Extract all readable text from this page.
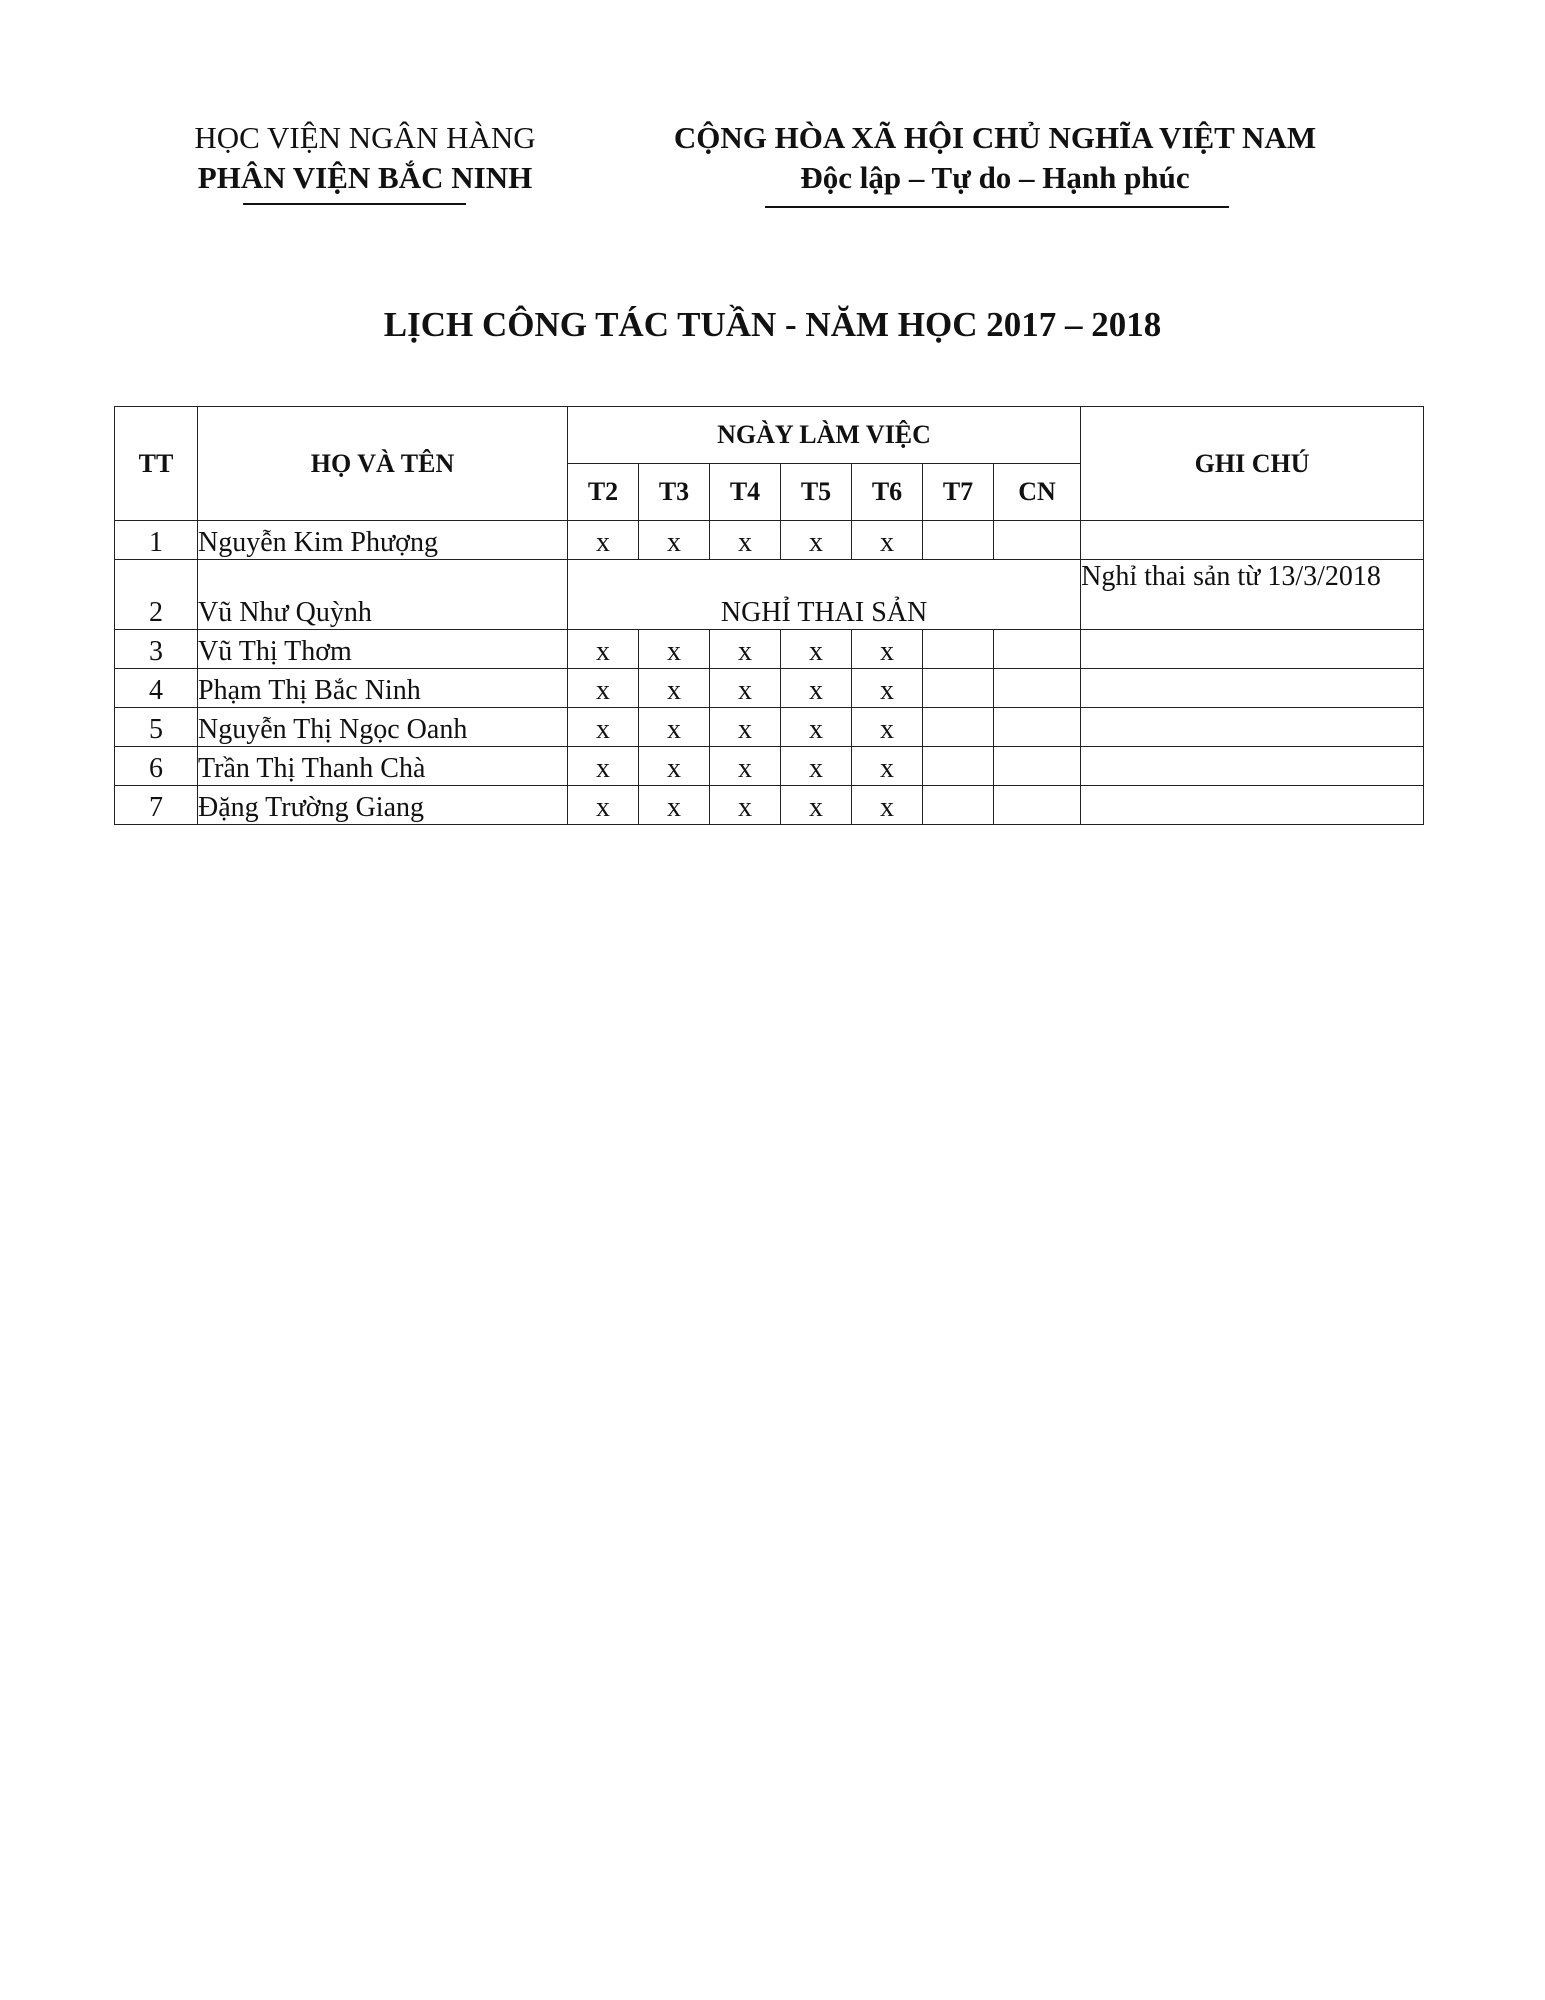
HỌC VIỆN NGÂN HÀNG
PHÂN VIỆN BẮC NINH
CỘNG HÒA XÃ HỘI CHỦ NGHĨA VIỆT NAM
Độc lập – Tự do – Hạnh phúc
LỊCH CÔNG TÁC TUẦN - NĂM HỌC 2017 – 2018
TT	HỌ VÀ TÊN	NGÀY LÀM VIỆC							GHI CHÚ
		T2	T3	T4	T5	T6	T7	CN	
1	Nguyễn Kim Phượng	x	x	x	x	x			
2	Vũ Như Quỳnh	NGHỈ THAI SẢN							Nghỉ thai sản từ 13/3/2018
3	Vũ Thị Thơm	x	x	x	x	x			
4	Phạm Thị Bắc Ninh	x	x	x	x	x			
5	Nguyễn Thị Ngọc Oanh	x	x	x	x	x			
6	Trần Thị Thanh Chà	x	x	x	x	x			
7	Đặng Trường Giang	x	x	x	x	x			
